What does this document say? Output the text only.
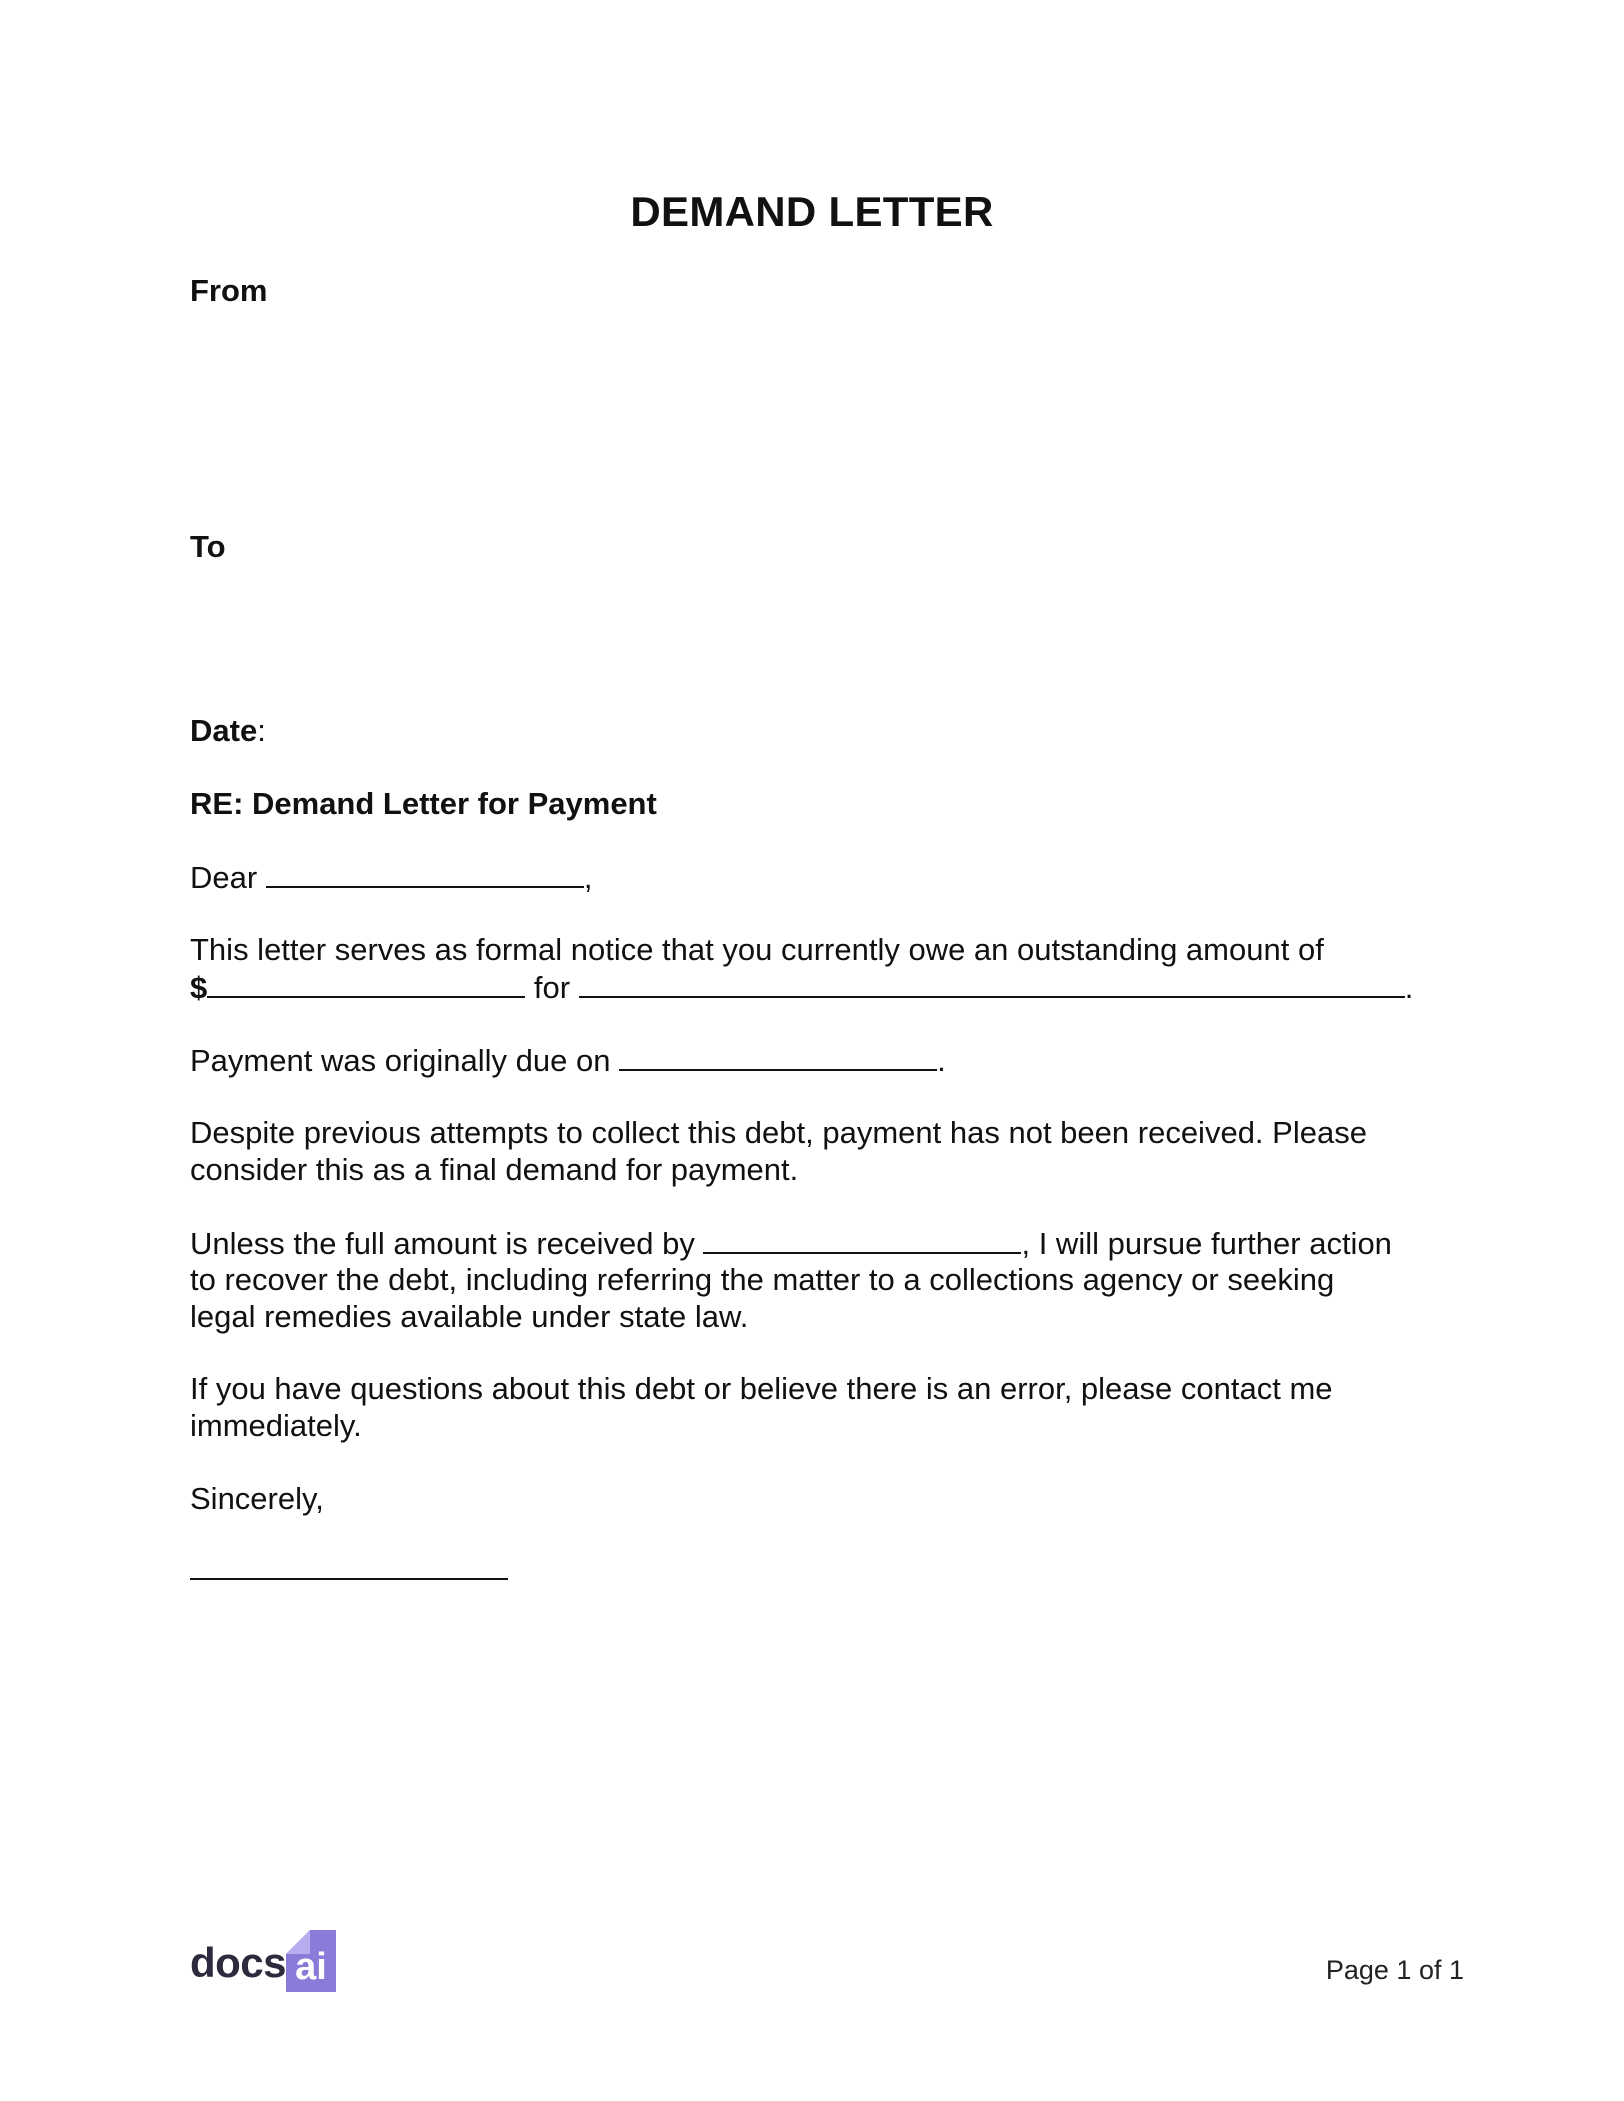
DEMAND LETTER
From
To
Date:
RE: Demand Letter for Payment
Dear	,
This letter serves as formal notice that you currently owe an outstanding amount of
$	for	.
Payment was originally due on	.
Despite previous attempts to collect this debt, payment has not been received. Please
consider this as a final demand for payment.
Unless the full amount is received by	, I will pursue further action
to recover the debt, including referring the matter to a collections agency or seeking
legal remedies available under state law.
If you have questions about this debt or believe there is an error, please contact me
immediately.
Sincerely,
docs ai	Page 1 of 1
